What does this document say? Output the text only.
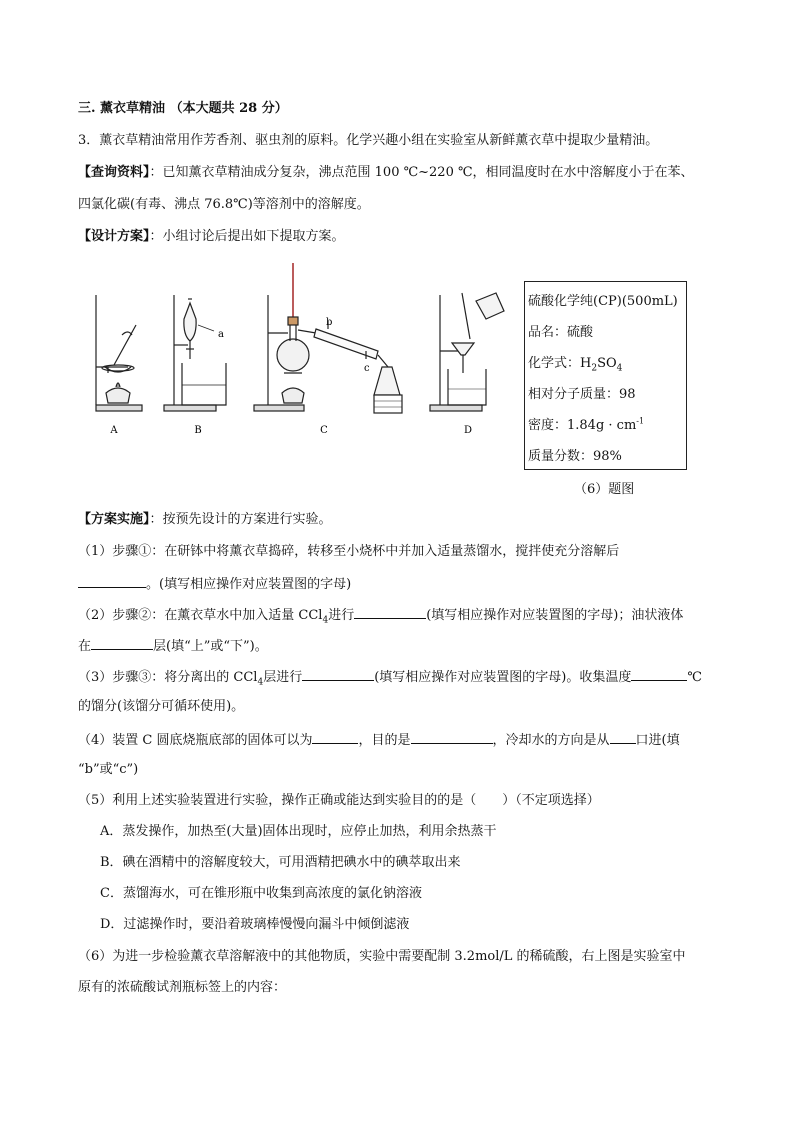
三. 薰衣草精油 （本大题共 28 分）
3．薰衣草精油常用作芳香剂、驱虫剂的原料。化学兴趣小组在实验室从新鲜薰衣草中提取少量精油。
【查询资料】：已知薰衣草精油成分复杂，沸点范围 100 ℃~220 ℃，相同温度时在水中溶解度小于在苯、
四氯化碳(有毒、沸点 76.8℃)等溶剂中的溶解度。
【设计方案】：小组讨论后提出如下提取方案。
A	B	C	D
a
b
c
硫酸化学纯(CP)(500mL)
品名：硫酸
化学式：$H_2SO_4$
相对分子质量：98
密度：$1.84g \cdot cm^{-1}$
质量分数：98%
（6）题图
【方案实施】：按预先设计的方案进行实验。
（1）步骤①：在研钵中将薰衣草捣碎，转移至小烧杯中并加入适量蒸馏水，搅拌使充分溶解后
。(填写相应操作对应装置图的字母)
（2）步骤②：在薰衣草水中加入适量 CCl$_4$进行	(填写相应操作对应装置图的字母)；油状液体
在	层(填“上”或“下”)。
（3）步骤③：将分离出的 CCl$_4$层进行	(填写相应操作对应装置图的字母)。收集温度	℃
的馏分(该馏分可循环使用)。
（4）装置 C 圆底烧瓶底部的固体可以为	，目的是	，冷却水的方向是从 口进(填
“b”或“c”)
（5）利用上述实验装置进行实验，操作正确或能达到实验目的的是（　　）（不定项选择）
A．蒸发操作，加热至(大量)固体出现时，应停止加热，利用余热蒸干
B．碘在酒精中的溶解度较大，可用酒精把碘水中的碘萃取出来
C．蒸馏海水，可在锥形瓶中收集到高浓度的氯化钠溶液
D．过滤操作时，要沿着玻璃棒慢慢向漏斗中倾倒滤液
（6）为进一步检验薰衣草溶解液中的其他物质，实验中需要配制 3.2mol/L 的稀硫酸，右上图是实验室中
原有的浓硫酸试剂瓶标签上的内容：
